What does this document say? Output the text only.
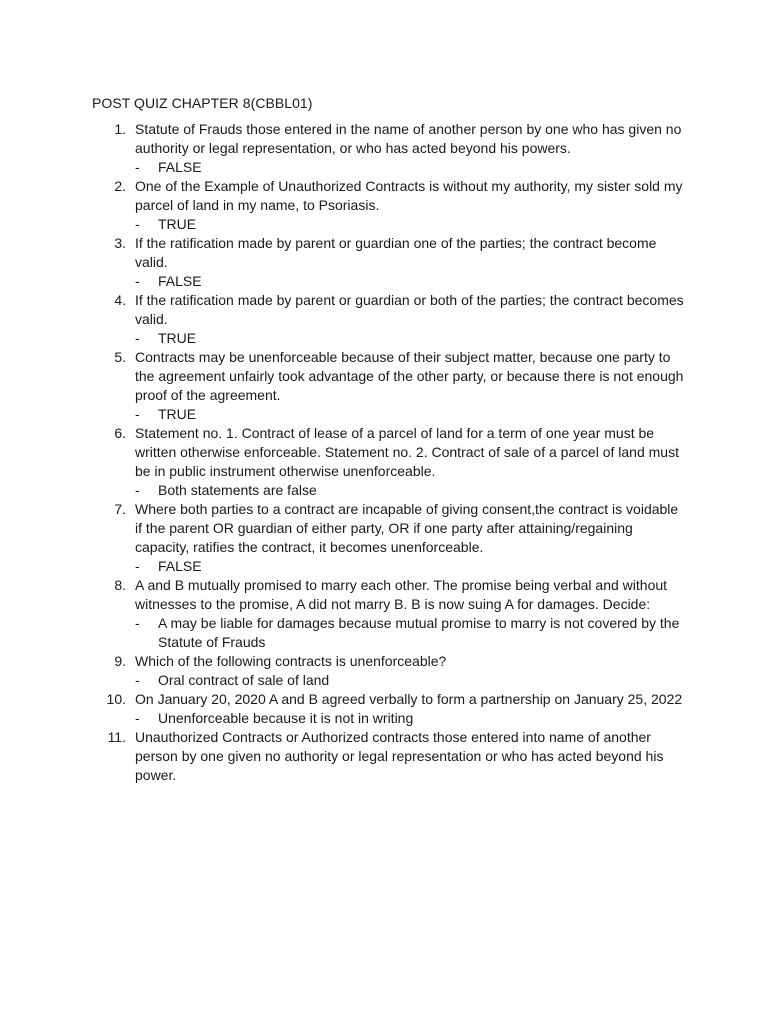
POST QUIZ CHAPTER 8(CBBL01)
1. Statute of Frauds those entered in the name of another person by one who has given no authority or legal representation, or who has acted beyond his powers.
- FALSE
2. One of the Example of Unauthorized Contracts is without my authority, my sister sold my parcel of land in my name, to Psoriasis.
- TRUE
3. If the ratification made by parent or guardian one of the parties; the contract become valid.
- FALSE
4. If the ratification made by parent or guardian or both of the parties; the contract becomes valid.
- TRUE
5. Contracts may be unenforceable because of their subject matter, because one party to the agreement unfairly took advantage of the other party, or because there is not enough proof of the agreement.
- TRUE
6. Statement no. 1. Contract of lease of a parcel of land for a term of one year must be written otherwise enforceable. Statement no. 2. Contract of sale of a parcel of land must be in public instrument otherwise unenforceable.
- Both statements are false
7. Where both parties to a contract are incapable of giving consent,the contract is voidable if the parent OR guardian of either party, OR if one party after attaining/regaining capacity, ratifies the contract, it becomes unenforceable.
- FALSE
8. A and B mutually promised to marry each other. The promise being verbal and without witnesses to the promise, A did not marry B. B is now suing A for damages. Decide:
- A may be liable for damages because mutual promise to marry is not covered by the Statute of Frauds
9. Which of the following contracts is unenforceable?
- Oral contract of sale of land
10. On January 20, 2020 A and B agreed verbally to form a partnership on January 25, 2022
- Unenforceable because it is not in writing
11. Unauthorized Contracts or Authorized contracts those entered into name of another person by one given no authority or legal representation or who has acted beyond his power.
